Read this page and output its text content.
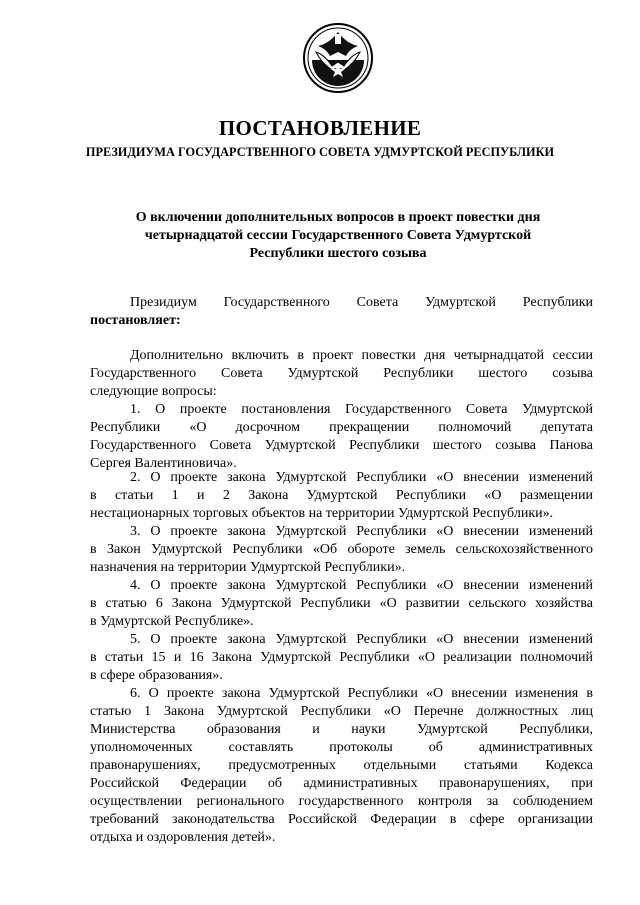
ПОСТАНОВЛЕНИЕ
ПРЕЗИДИУМА ГОСУДАРСТВЕННОГО СОВЕТА УДМУРТСКОЙ РЕСПУБЛИКИ
О включении дополнительных вопросов в проект повестки дня
четырнадцатой сессии Государственного Совета Удмуртской
Республики шестого созыва
Президиум Государственного Совета Удмуртской Республики
постановляет:
Дополнительно включить в проект повестки дня четырнадцатой сессии
Государственного Совета Удмуртской Республики шестого созыва
следующие вопросы:
1. О проекте постановления Государственного Совета Удмуртской
Республики «О досрочном прекращении полномочий депутата
Государственного Совета Удмуртской Республики шестого созыва Панова
Сергея Валентиновича».
2. О проекте закона Удмуртской Республики «О внесении изменений
в статьи 1 и 2 Закона Удмуртской Республики «О размещении
нестационарных торговых объектов на территории Удмуртской Республики».
3. О проекте закона Удмуртской Республики «О внесении изменений
в Закон Удмуртской Республики «Об обороте земель сельскохозяйственного
назначения на территории Удмуртской Республики».
4. О проекте закона Удмуртской Республики «О внесении изменений
в статью 6 Закона Удмуртской Республики «О развитии сельского хозяйства
в Удмуртской Республике».
5. О проекте закона Удмуртской Республики «О внесении изменений
в статьи 15 и 16 Закона Удмуртской Республики «О реализации полномочий
в сфере образования».
6. О проекте закона Удмуртской Республики «О внесении изменения в
статью 1 Закона Удмуртской Республики «О Перечне должностных лиц
Министерства образования и науки Удмуртской Республики,
уполномоченных составлять протоколы об административных
правонарушениях, предусмотренных отдельными статьями Кодекса
Российской Федерации об административных правонарушениях, при
осуществлении регионального государственного контроля за соблюдением
требований законодательства Российской Федерации в сфере организации
отдыха и оздоровления детей».
